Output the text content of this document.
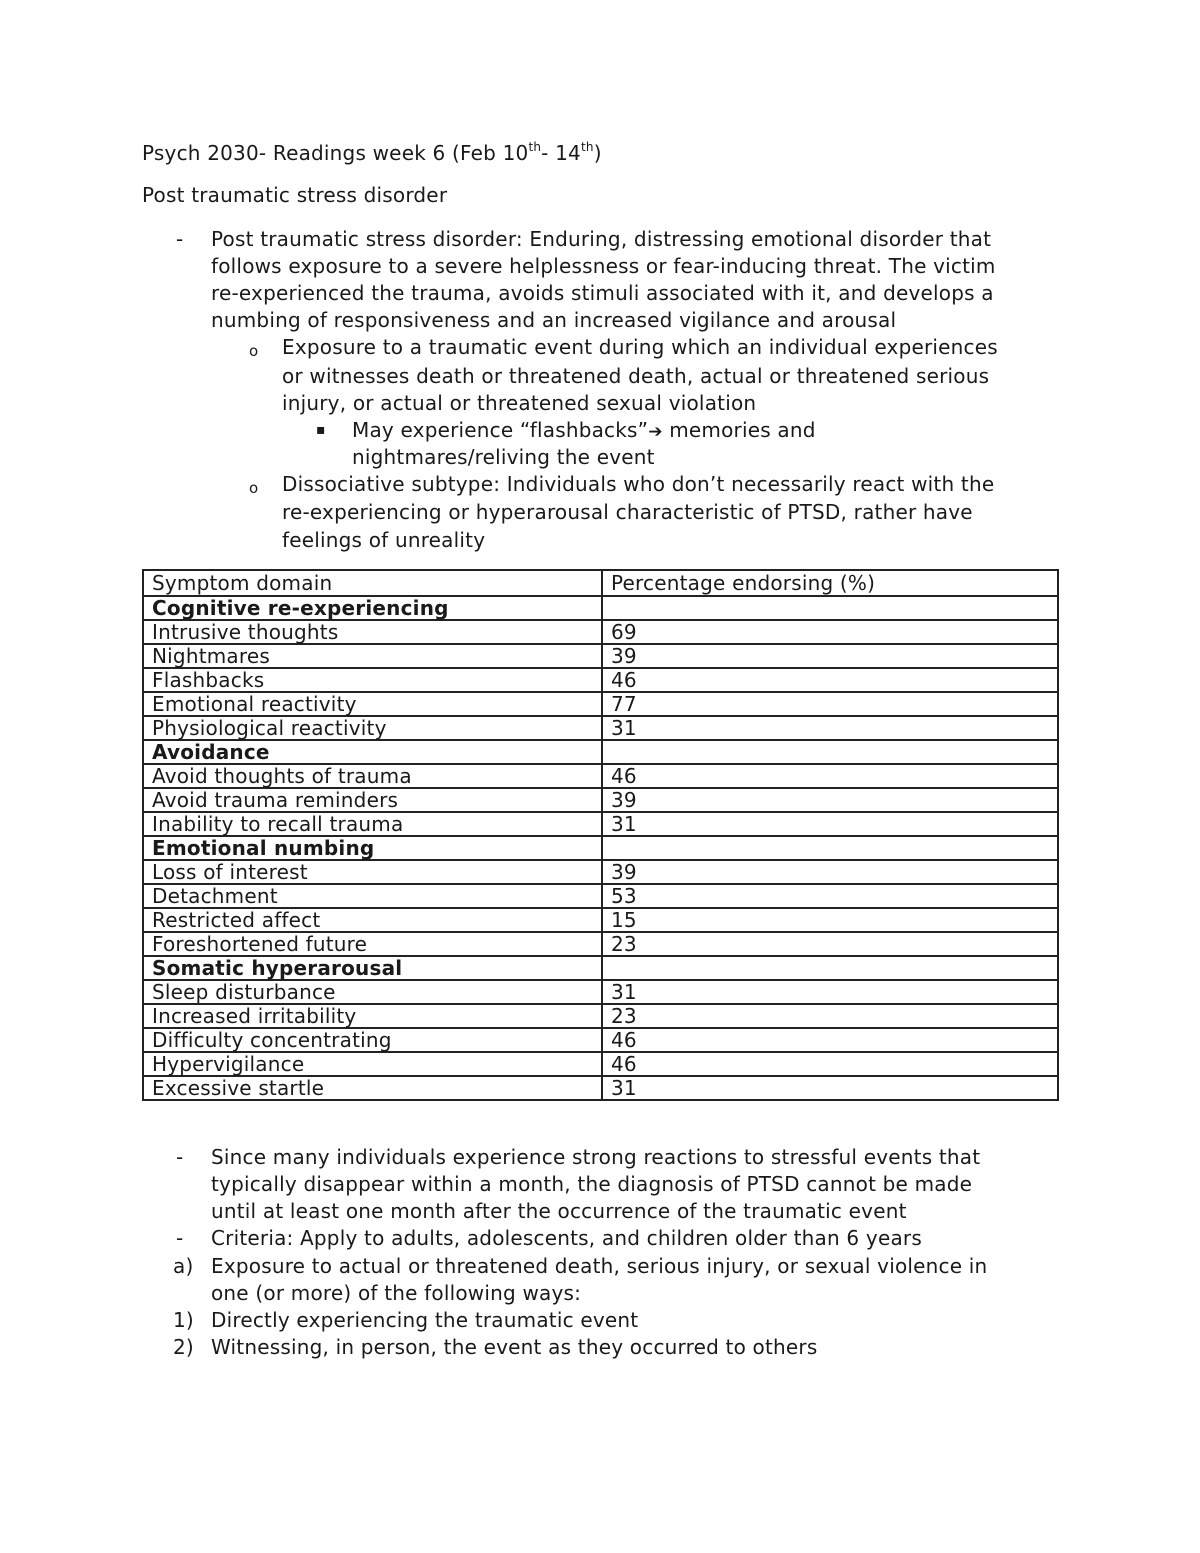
Psych 2030- Readings week 6 (Feb 10th- 14th)
Post traumatic stress disorder
- Post traumatic stress disorder: Enduring, distressing emotional disorder that
follows exposure to a severe helplessness or fear-inducing threat. The victim
re-experienced the trauma, avoids stimuli associated with it, and develops a
numbing of responsiveness and an increased vigilance and arousal
o Exposure to a traumatic event during which an individual experiences
or witnesses death or threatened death, actual or threatened serious
injury, or actual or threatened sexual violation
▪ May experience “flashbacks”➔ memories and
nightmares/reliving the event
o Dissociative subtype: Individuals who don’t necessarily react with the
re-experiencing or hyperarousal characteristic of PTSD, rather have
feelings of unreality
Symptom domain	Percentage endorsing (%)
Cognitive re-experiencing	
Intrusive thoughts	69
Nightmares	39
Flashbacks	46
Emotional reactivity	77
Physiological reactivity	31
Avoidance	
Avoid thoughts of trauma	46
Avoid trauma reminders	39
Inability to recall trauma	31
Emotional numbing	
Loss of interest	39
Detachment	53
Restricted affect	15
Foreshortened future	23
Somatic hyperarousal	
Sleep disturbance	31
Increased irritability	23
Difficulty concentrating	46
Hypervigilance	46
Excessive startle	31
- Since many individuals experience strong reactions to stressful events that
typically disappear within a month, the diagnosis of PTSD cannot be made
until at least one month after the occurrence of the traumatic event
- Criteria: Apply to adults, adolescents, and children older than 6 years
a) Exposure to actual or threatened death, serious injury, or sexual violence in
one (or more) of the following ways:
1) Directly experiencing the traumatic event
2) Witnessing, in person, the event as they occurred to others
